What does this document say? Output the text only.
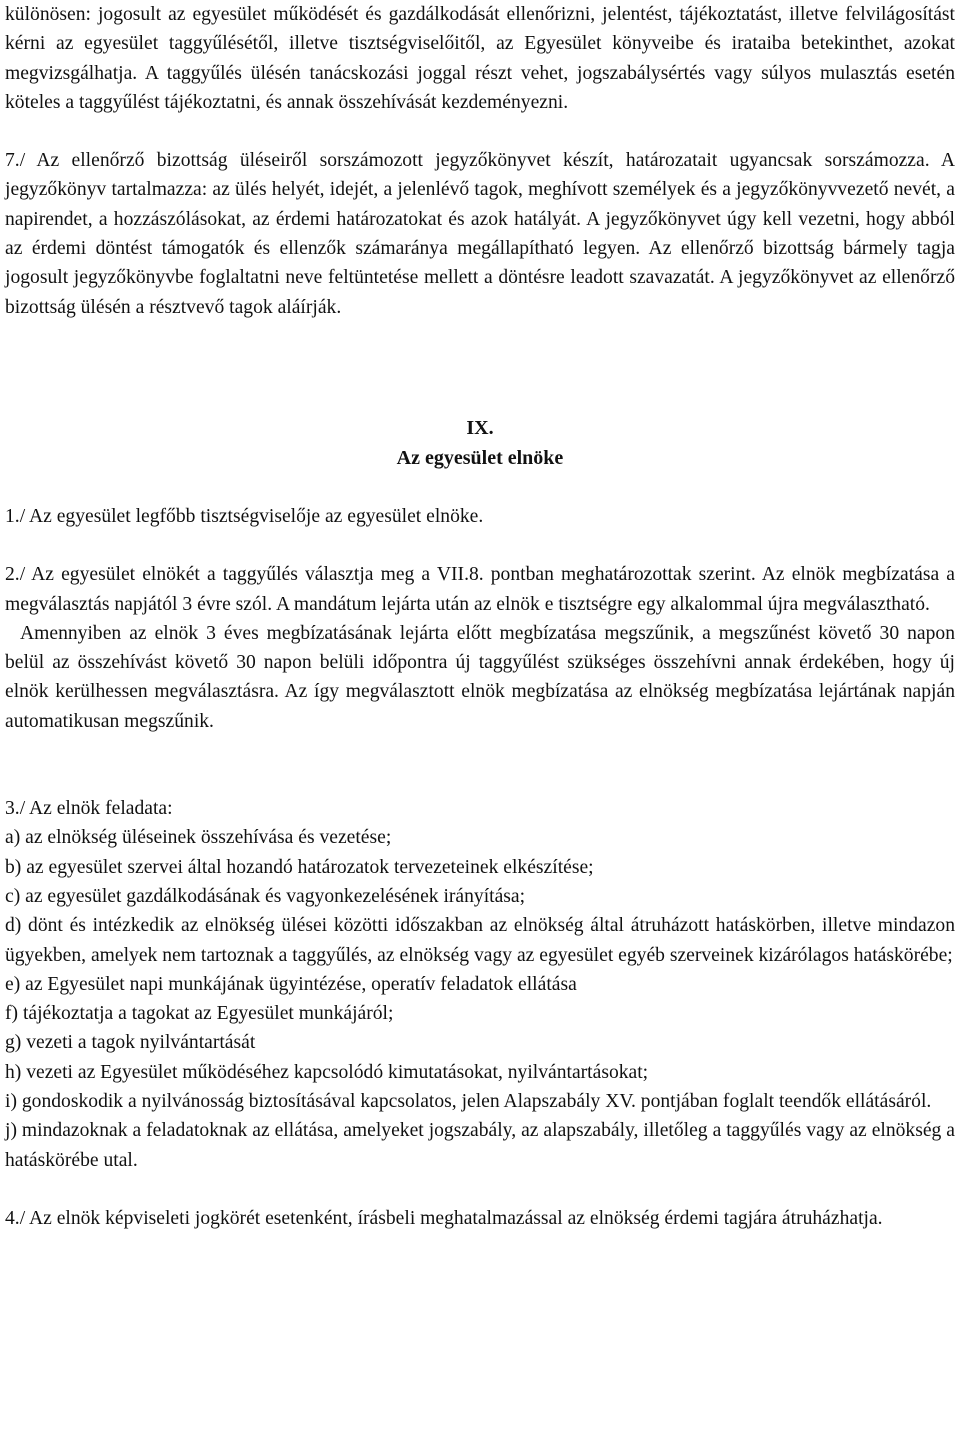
különösen: jogosult az egyesület működését és gazdálkodását ellenőrizni, jelentést, tájékoztatást, illetve felvilágosítást kérni az egyesület taggyűlésétől, illetve tisztségviselőitől, az Egyesület könyveibe és irataiba betekinthet, azokat megvizsgálhatja. A taggyűlés ülésén tanácskozási joggal részt vehet, jogszabálysértés vagy súlyos mulasztás esetén köteles a taggyűlést tájékoztatni, és annak összehívását kezdeményezni.

7./ Az ellenőrző bizottság üléseiről sorszámozott jegyzőkönyvet készít, határozatait ugyancsak sorszámozza. A jegyzőkönyv tartalmazza: az ülés helyét, idejét, a jelenlévő tagok, meghívott személyek és a jegyzőkönyvvezető nevét, a napirendet, a hozzászólásokat, az érdemi határozatokat és azok hatályát. A jegyzőkönyvet úgy kell vezetni, hogy abból az érdemi döntést támogatók és ellenzők számaránya megállapítható legyen. Az ellenőrző bizottság bármely tagja jogosult jegyzőkönyvbe foglaltatni neve feltüntetése mellett a döntésre leadott szavazatát. A jegyzőkönyvet az ellenőrző bizottság ülésén a résztvevő tagok aláírják.

IX.

Az egyesület elnöke

1./ Az egyesület legfőbb tisztségviselője az egyesület elnöke.

2./ Az egyesület elnökét a taggyűlés választja meg a VII.8. pontban meghatározottak szerint. Az elnök megbízatása a megválasztás napjától 3 évre szól. A mandátum lejárta után az elnök e tisztségre egy alkalommal újra megválasztható.

Amennyiben az elnök 3 éves megbízatásának lejárta előtt megbízatása megszűnik, a megszűnést követő 30 napon belül az összehívást követő 30 napon belüli időpontra új taggyűlést szükséges összehívni annak érdekében, hogy új elnök kerülhessen megválasztásra. Az így megválasztott elnök megbízatása az elnökség megbízatása lejártának napján automatikusan megszűnik.

3./ Az elnök feladata:

a) az elnökség üléseinek összehívása és vezetése;

b) az egyesület szervei által hozandó határozatok tervezeteinek elkészítése;

c) az egyesület gazdálkodásának és vagyonkezelésének irányítása;

d) dönt és intézkedik az elnökség ülései közötti időszakban az elnökség által átruházott hatáskörben, illetve mindazon ügyekben, amelyek nem tartoznak a taggyűlés, az elnökség vagy az egyesület egyéb szerveinek kizárólagos hatáskörébe;

e) az Egyesület napi munkájának ügyintézése, operatív feladatok ellátása

f) tájékoztatja a tagokat az Egyesület munkájáról;

g) vezeti a tagok nyilvántartását

h) vezeti az Egyesület működéséhez kapcsolódó kimutatásokat, nyilvántartásokat;

i) gondoskodik a nyilvánosság biztosításával kapcsolatos, jelen Alapszabály XV. pontjában foglalt teendők ellátásáról.

j) mindazoknak a feladatoknak az ellátása, amelyeket jogszabály, az alapszabály, illetőleg a taggyűlés vagy az elnökség a hatáskörébe utal.

4./ Az elnök képviseleti jogkörét esetenként, írásbeli meghatalmazással az elnökség érdemi tagjára átruházhatja.
